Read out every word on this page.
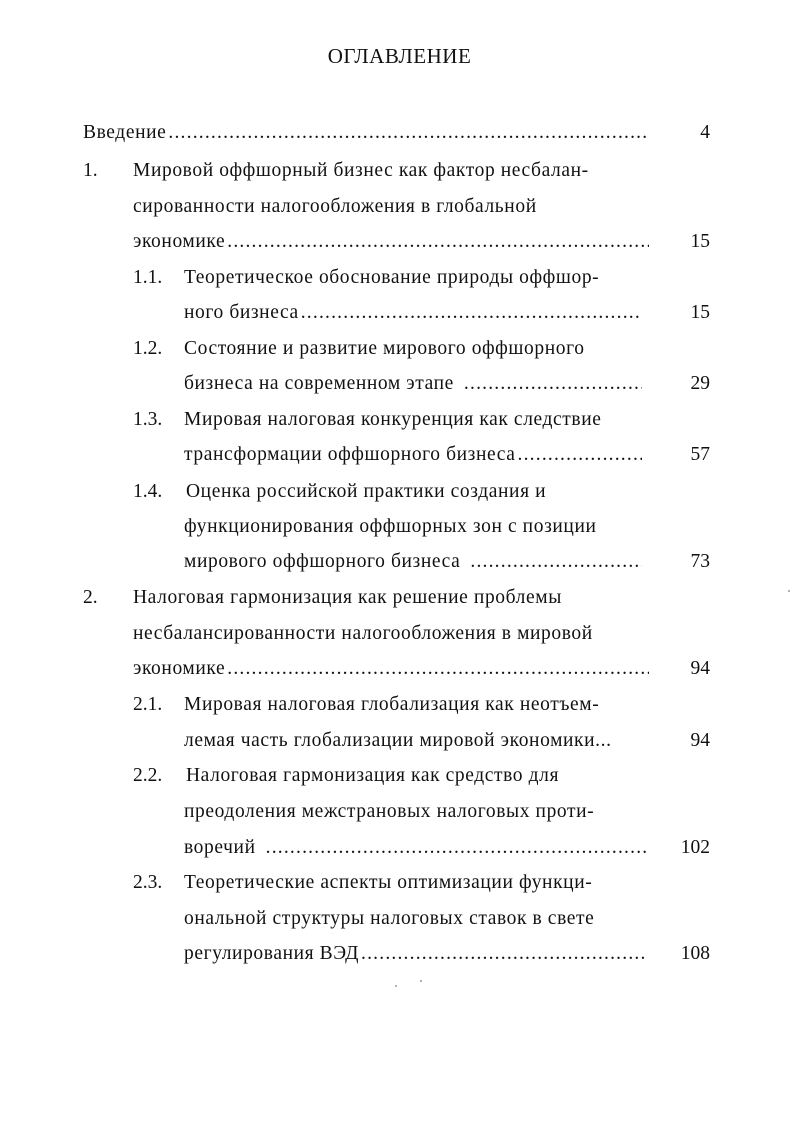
ОГЛАВЛЕНИЕ
Введение .....	4
1. Мировой оффшорный бизнес как фактор несбалан-
сированности налогообложения в глобальной
экономике .....	15
1.1. Теоретическое обоснование природы оффшор-
ного бизнеса .....	15
1.2. Состояние и развитие мирового оффшорного
бизнеса на современном этапе .....	29
1.3. Мировая налоговая конкуренция как следствие
трансформации оффшорного бизнеса .....	57
1.4. Оценка российской практики создания и
функционирования оффшорных зон с позиции
мирового оффшорного бизнеса .....	73
2. Налоговая гармонизация как решение проблемы
несбалансированности налогообложения в мировой
экономике .....	94
2.1. Мировая налоговая глобализация как неотъем-
лемая часть глобализации мировой экономики...	94
2.2. Налоговая гармонизация как средство для
преодоления межстрановых налоговых проти-
воречий .....	102
2.3. Теоретические аспекты оптимизации функци-
ональной структуры налоговых ставок в свете
регулирования ВЭД .....	108
